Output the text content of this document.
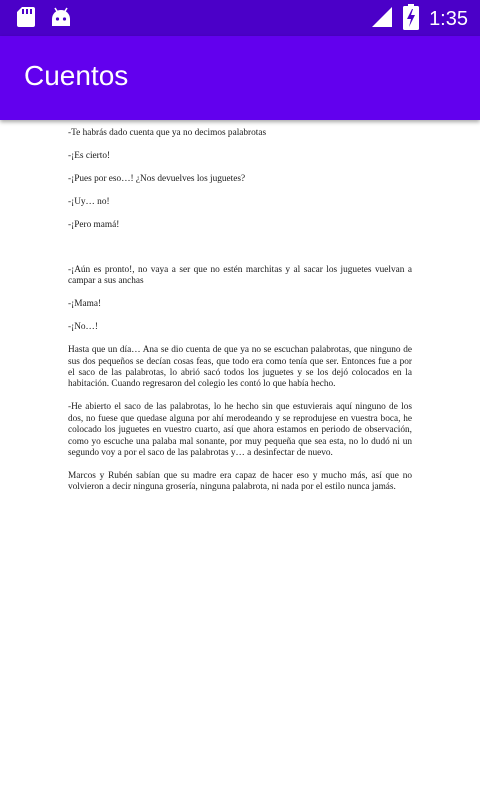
1:35
Cuentos

-Te habrás dado cuenta que ya no decimos palabrotas

-¡Es cierto!

-¡Pues por eso…! ¿Nos devuelves los juguetes?

-¡Uy… no!

-¡Pero mamá!

-¡Aún es pronto!, no vaya a ser que no estén marchitas y al sacar los juguetes vuelvan a campar a sus anchas

-¡Mama!

-¡No…!

Hasta que un día… Ana se dio cuenta de que ya no se escuchan palabrotas, que ninguno de sus dos pequeños se decían cosas feas, que todo era como tenía que ser. Entonces fue a por el saco de las palabrotas, lo abrió sacó todos los juguetes y se los dejó colocados en la habitación. Cuando regresaron del colegio les contó lo que había hecho.

-He abierto el saco de las palabrotas, lo he hecho sin que estuvierais aquí ninguno de los dos, no fuese que quedase alguna por ahí merodeando y se reprodujese en vuestra boca, he colocado los juguetes en vuestro cuarto, así que ahora estamos en periodo de observación, como yo escuche una palaba mal sonante, por muy pequeña que sea esta, no lo dudó ni un segundo voy a por el saco de las palabrotas y… a desinfectar de nuevo.

Marcos y Rubén sabían que su madre era capaz de hacer eso y mucho más, así que no volvieron a decir ninguna grosería, ninguna palabrota, ni nada por el estilo nunca jamás.
